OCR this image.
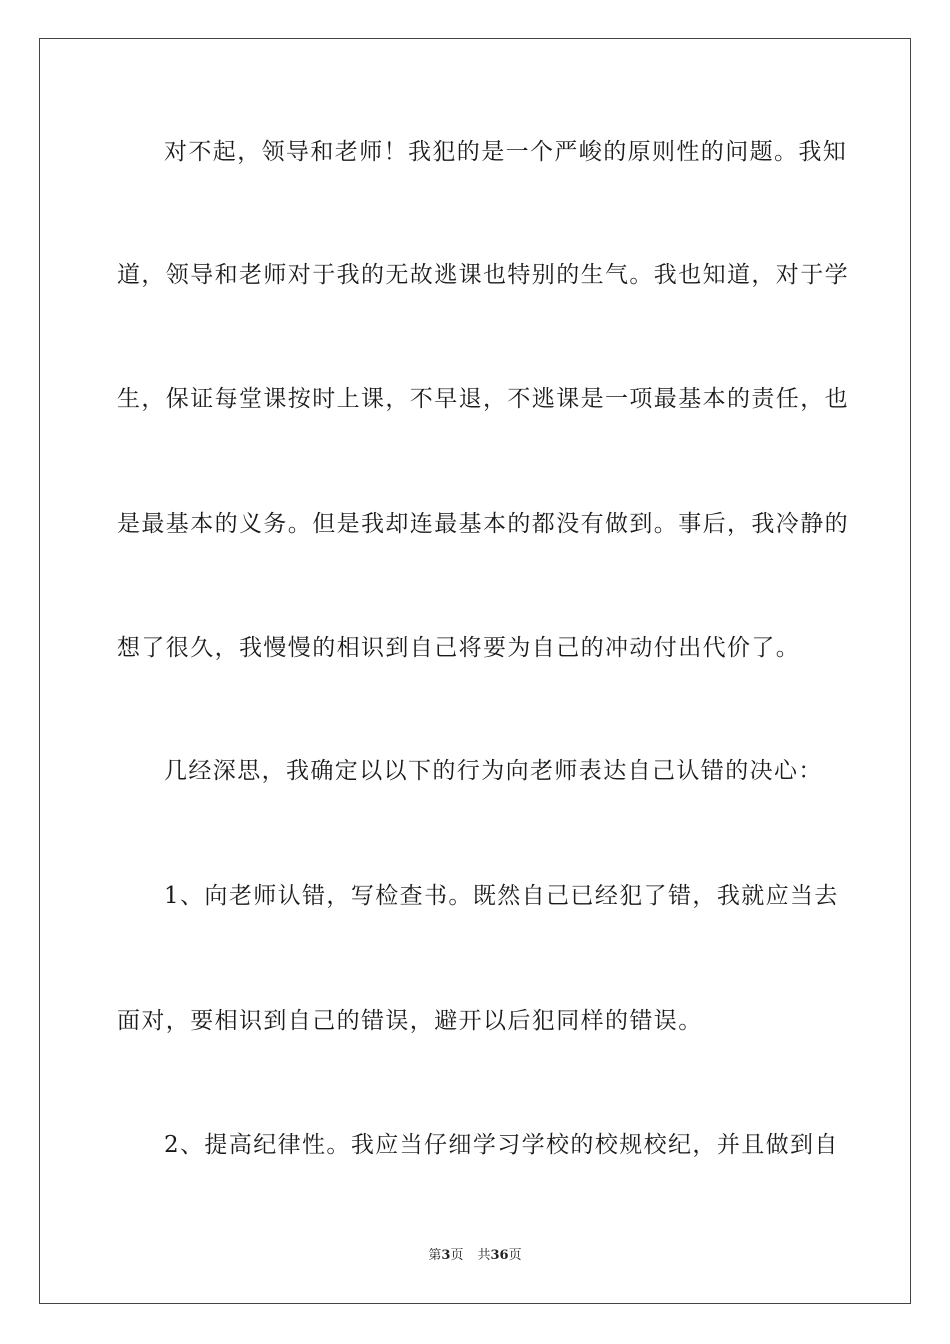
对不起，领导和老师！我犯的是一个严峻的原则性的问题。我知
道，领导和老师对于我的无故逃课也特别的生气。我也知道，对于学
生，保证每堂课按时上课，不早退，不逃课是一项最基本的责任，也
是最基本的义务。但是我却连最基本的都没有做到。事后，我冷静的
想了很久，我慢慢的相识到自己将要为自己的冲动付出代价了。
几经深思，我确定以以下的行为向老师表达自己认错的决心：
1、向老师认错，写检查书。既然自己已经犯了错，我就应当去
面对，要相识到自己的错误，避开以后犯同样的错误。
2、提高纪律性。我应当仔细学习学校的校规校纪，并且做到自
第3页 共36页
